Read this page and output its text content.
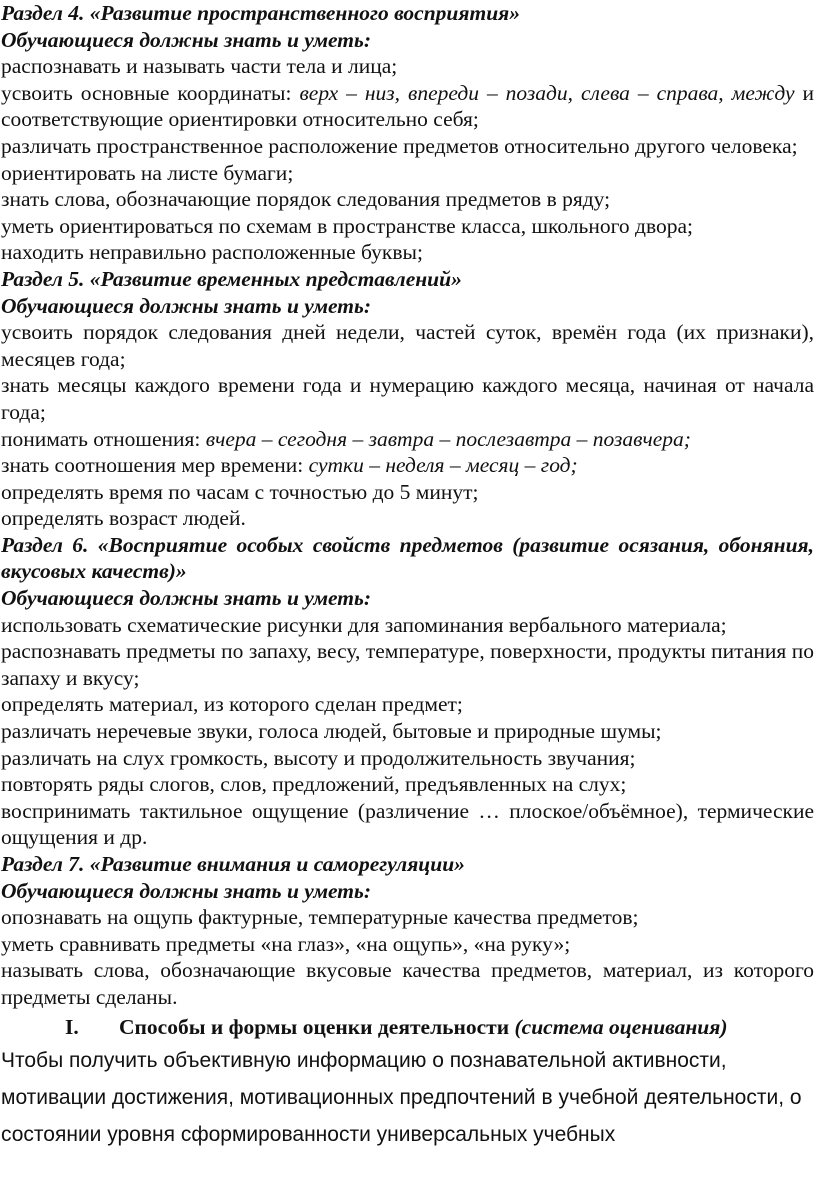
Раздел 4. «Развитие пространственного восприятия»

Обучающиеся должны знать и уметь:

распознавать и называть части тела и лица;

усвоить основные координаты: верх – низ, впереди – позади, слева – справа, между и соответствующие ориентировки относительно себя;

различать пространственное расположение предметов относительно другого человека;

ориентировать на листе бумаги;

знать слова, обозначающие порядок следования предметов в ряду;

уметь ориентироваться по схемам в пространстве класса, школьного двора;

находить неправильно расположенные буквы;

Раздел 5. «Развитие временных представлений»

Обучающиеся должны знать и уметь:

усвоить порядок следования дней недели, частей суток, времён года (их признаки), месяцев года;

знать месяцы каждого времени года и нумерацию каждого месяца, начиная от начала года;

понимать отношения: вчера – сегодня – завтра – послезавтра – позавчера;

знать соотношения мер времени: сутки – неделя – месяц – год;

определять время по часам с точностью до 5 минут;

определять возраст людей.

Раздел 6. «Восприятие особых свойств предметов (развитие осязания, обоняния, вкусовых качеств)»

Обучающиеся должны знать и уметь:

использовать схематические рисунки для запоминания вербального материала;

распознавать предметы по запаху, весу, температуре, поверхности, продукты питания по запаху и вкусу;

определять материал, из которого сделан предмет;

различать неречевые звуки, голоса людей, бытовые и природные шумы;

различать на слух громкость, высоту и продолжительность звучания;

повторять ряды слогов, слов, предложений, предъявленных на слух;

воспринимать тактильное ощущение (различение … плоское/объёмное), термические ощущения и др.

Раздел 7. «Развитие внимания и саморегуляции»

Обучающиеся должны знать и уметь:

опознавать на ощупь фактурные, температурные качества предметов;

уметь сравнивать предметы «на глаз», «на ощупь», «на руку»;

называть слова, обозначающие вкусовые качества предметов, материал, из которого предметы сделаны.

I.	Способы и формы оценки деятельности (система оценивания)

Чтобы получить объективную информацию о познавательной активности, мотивации достижения, мотивационных предпочтений в учебной деятельности, о состоянии уровня сформированности универсальных учебных
